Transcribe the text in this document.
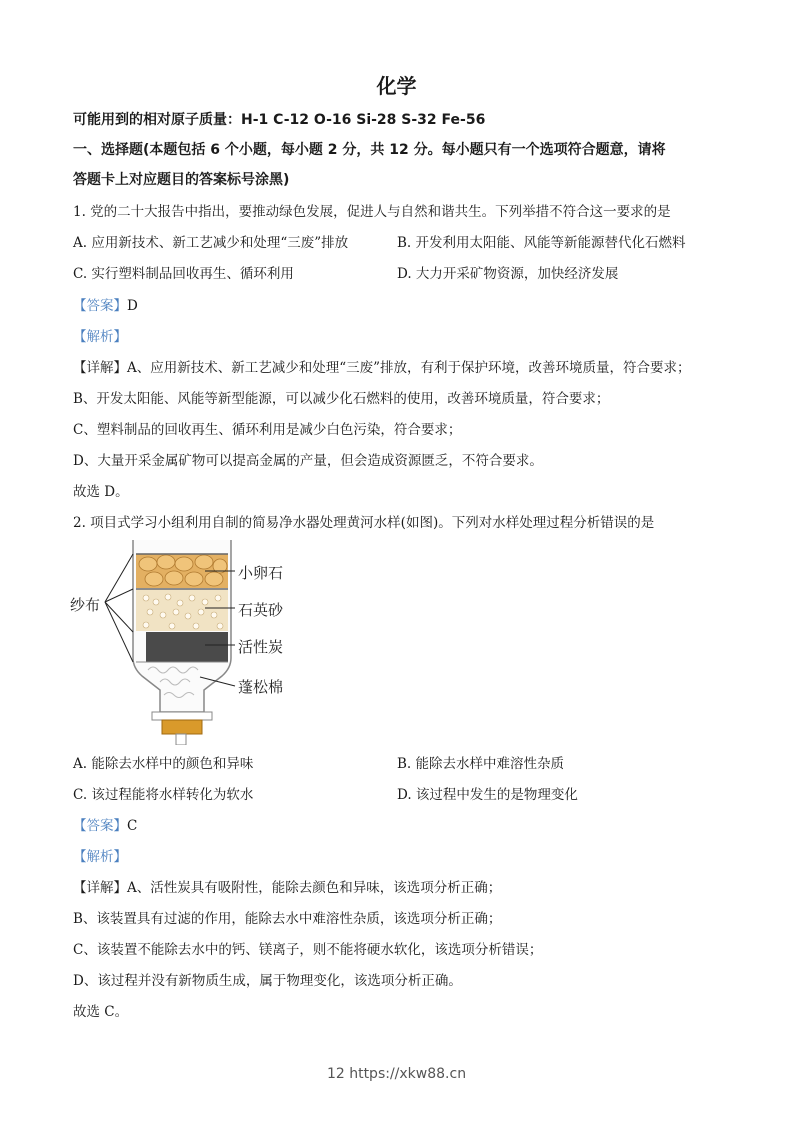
化学
可能用到的相对原子质量：H-1 C-12 O-16 Si-28 S-32 Fe-56
一、选择题(本题包括 6 个小题，每小题 2 分，共 12 分。每小题只有一个选项符合题意，请将
答题卡上对应题目的答案标号涂黑)
1. 党的二十大报告中指出，要推动绿色发展，促进人与自然和谐共生。下列举措不符合这一要求的是
A. 应用新技术、新工艺减少和处理“三废”排放	B. 开发利用太阳能、风能等新能源替代化石燃料
C. 实行塑料制品回收再生、循环利用	D. 大力开采矿物资源，加快经济发展
【答案】D
【解析】
【详解】A、应用新技术、新工艺减少和处理“三废”排放，有利于保护环境，改善环境质量，符合要求；
B、开发太阳能、风能等新型能源，可以减少化石燃料的使用，改善环境质量，符合要求；
C、塑料制品的回收再生、循环利用是减少白色污染，符合要求；
D、大量开采金属矿物可以提高金属的产量，但会造成资源匮乏，不符合要求。
故选 D。
2. 项目式学习小组利用自制的简易净水器处理黄河水样(如图)。下列对水样处理过程分析错误的是
纱布
小卵石
石英砂
活性炭
蓬松棉
A. 能除去水样中的颜色和异味	B. 能除去水样中难溶性杂质
C. 该过程能将水样转化为软水	D. 该过程中发生的是物理变化
【答案】C
【解析】
【详解】A、活性炭具有吸附性，能除去颜色和异味，该选项分析正确；
B、该装置具有过滤的作用，能除去水中难溶性杂质，该选项分析正确；
C、该装置不能除去水中的钙、镁离子，则不能将硬水软化，该选项分析错误；
D、该过程并没有新物质生成，属于物理变化，该选项分析正确。
故选 C。
12 https://xkw88.cn
